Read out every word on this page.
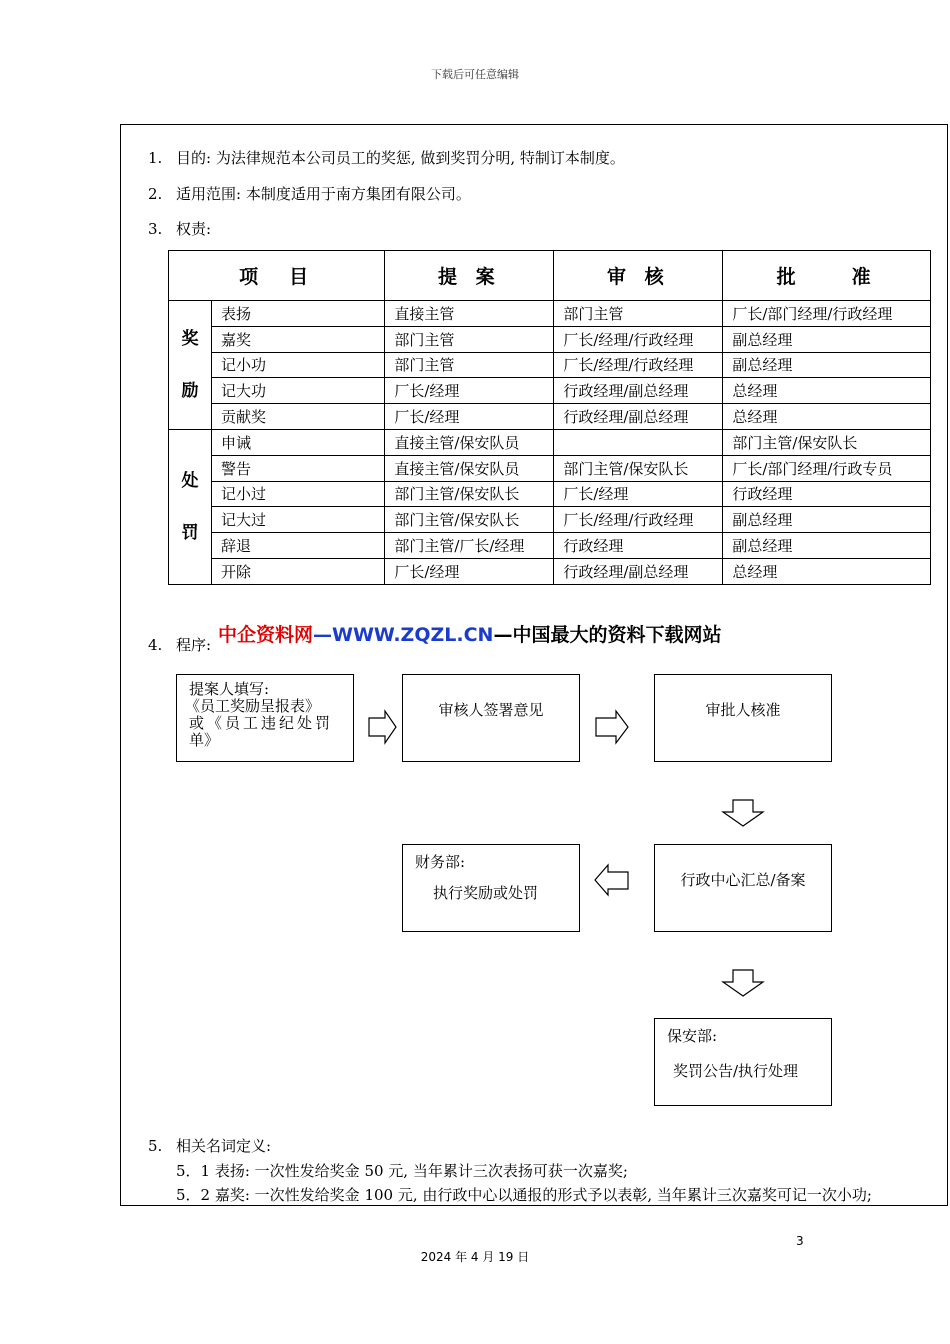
下载后可任意编辑
1. 目的: 为法律规范本公司员工的奖惩, 做到奖罚分明, 特制订本制度。
2. 适用范围: 本制度适用于南方集团有限公司。
3. 权责:
项　目		提 案	审 核	批　　准

奖
励	表扬	直接主管	部门主管	厂长/部门经理/行政经理
	嘉奖	部门主管	厂长/经理/行政经理	副总经理
	记小功	部门主管	厂长/经理/行政经理	副总经理
	记大功	厂长/经理	行政经理/副总经理	总经理
	贡献奖	厂长/经理	行政经理/副总经理	总经理

处
罚	申诫	直接主管/保安队员		部门主管/保安队长
	警告	直接主管/保安队员	部门主管/保安队长	厂长/部门经理/行政专员
	记小过	部门主管/保安队长	厂长/经理	行政经理
	记大过	部门主管/保安队长	厂长/经理/行政经理	副总经理
	辞退	部门主管/厂长/经理	行政经理	副总经理
	开除	厂长/经理	行政经理/副总经理	总经理
4. 程序: 中企资料网—WWW.ZQZL.CN—中国最大的资料下载网站
提案人填写:
《员工奖励呈报表》
或《员工违纪处罚
单》
审核人签署意见	审批人核准
行政中心汇总/备案
财务部:
执行奖励或处罚
保安部:
奖罚公告/执行处理
5. 相关名词定义:
5．1 表扬: 一次性发给奖金 50 元, 当年累计三次表扬可获一次嘉奖;
5．2 嘉奖: 一次性发给奖金 100 元, 由行政中心以通报的形式予以表彰, 当年累计三次嘉奖可记一次小功;
3
2024 年 4 月 19 日
